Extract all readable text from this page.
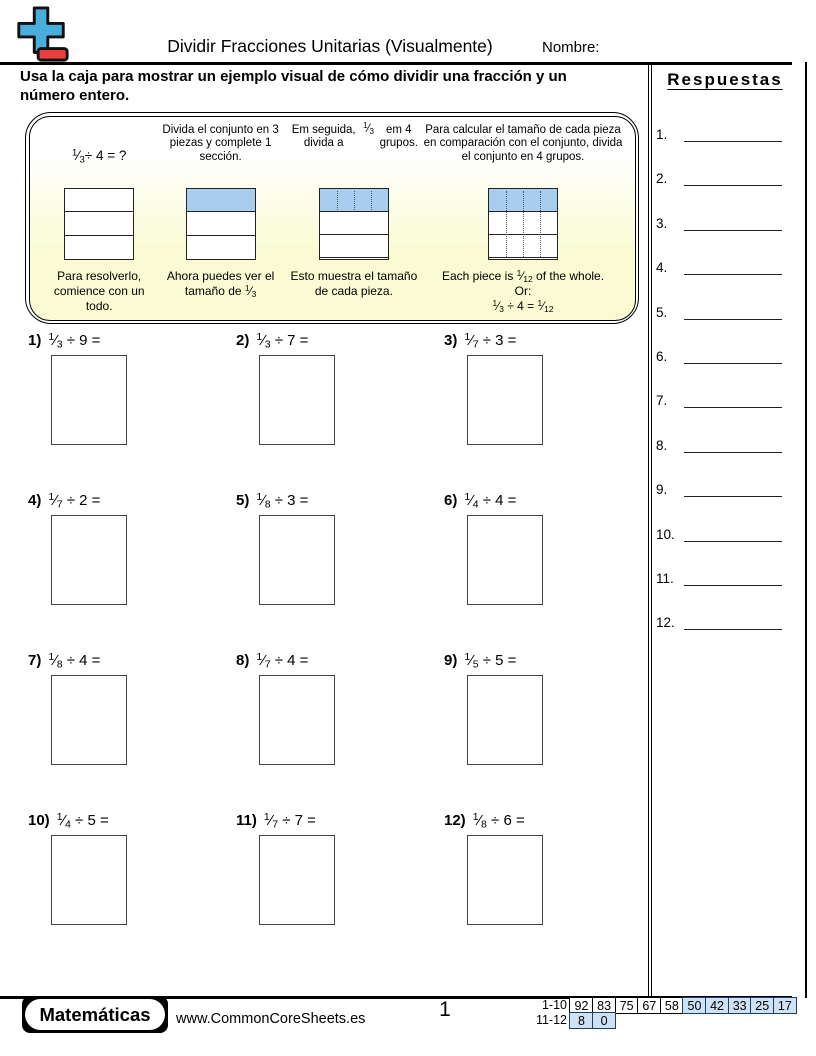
Dividir Fracciones Unitarias (Visualmente)	Nombre:
Usa la caja para mostrar un ejemplo visual de cómo dividir una fracción y un número entero.
$^1⁄_3 \div 4$ = ?
Para resolverlo, comience con un todo.
Divida el conjunto en 3 piezas y complete 1 sección.
Ahora puedes ver el tamaño de $^1⁄_3$
Em seguida, divida a
$^1⁄_3$ em 4 grupos.
Esto muestra el tamaño de cada pieza.
Para calcular el tamaño de cada pieza en comparación con el conjunto, divida el conjunto en 4 grupos.
Each piece is $^1⁄_{12}$ of the whole.
Or:
$^1⁄_3 \div 4$ = $^1⁄_{12}$
1) $^1⁄_3 \div 9$ =	2) $^1⁄_3 \div 7$ =	3) $^1⁄_7 \div 3$ =
4) $^1⁄_7 \div 2$ =	5) $^1⁄_8 \div 3$ =	6) $^1⁄_4 \div 4$ =
7) $^1⁄_8 \div 4$ =	8) $^1⁄_7 \div 4$ =	9) $^1⁄_5 \div 5$ =
10) $^1⁄_4 \div 5$ =	11) $^1⁄_7 \div 7$ =	12) $^1⁄_8 \div 6$ =
Respuestas
1.
2.
3.
4.
5.
6.
7.
8.
9.
10.
11.
12.
Matemáticas	www.CommonCoreSheets.es	1	1-10 92 83 75 67 58 50 42 33 25 17
11-12 8	0
